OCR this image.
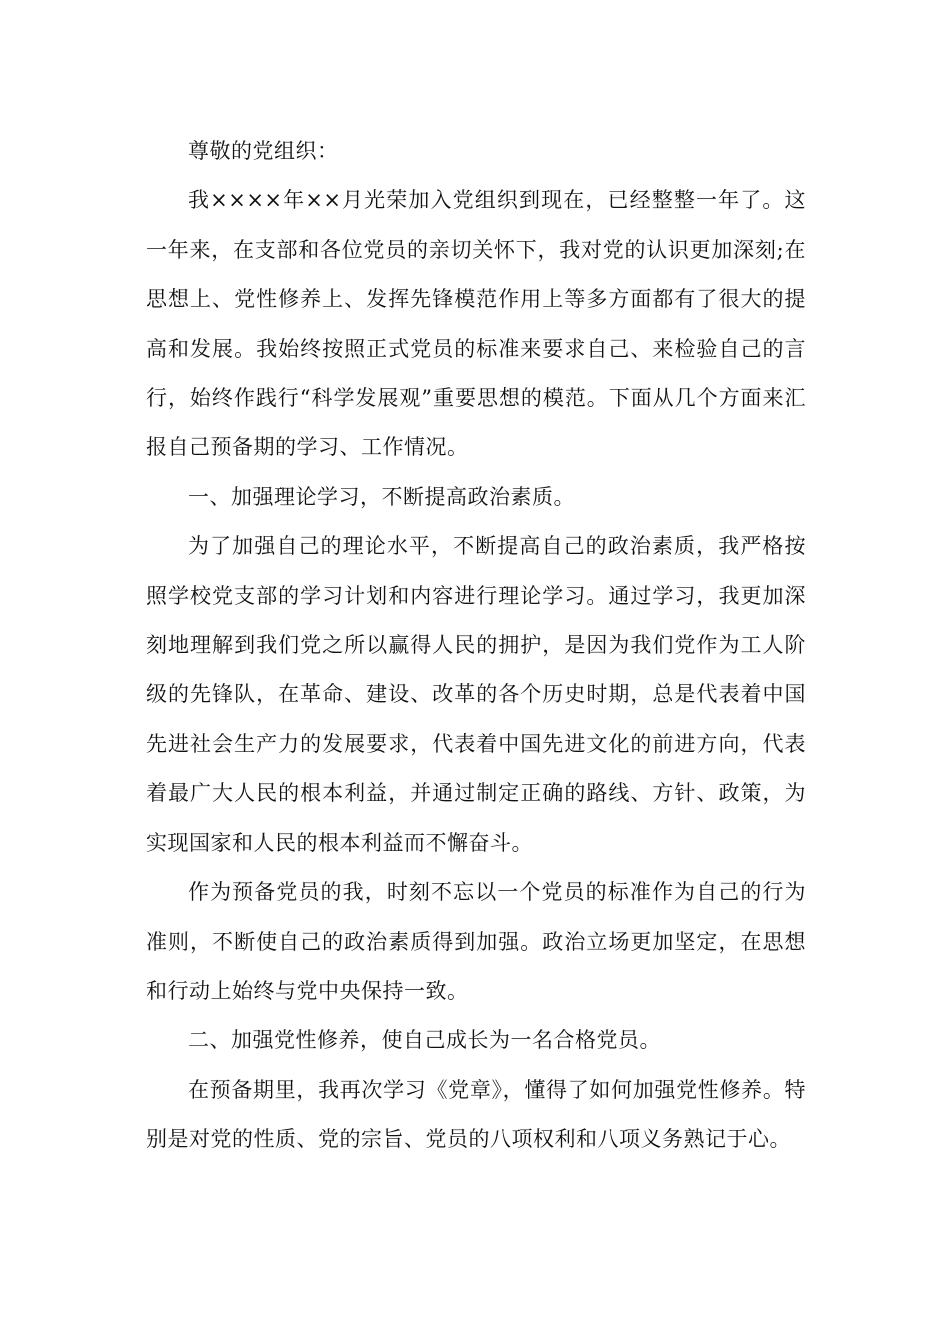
尊敬的党组织：

我××××年××月光荣加入党组织到现在，已经整整一年了。这一年来，在支部和各位党员的亲切关怀下，我对党的认识更加深刻;在思想上、党性修养上、发挥先锋模范作用上等多方面都有了很大的提高和发展。我始终按照正式党员的标准来要求自己、来检验自己的言行，始终作践行“科学发展观”重要思想的模范。下面从几个方面来汇报自己预备期的学习、工作情况。

一、加强理论学习，不断提高政治素质。

为了加强自己的理论水平，不断提高自己的政治素质，我严格按照学校党支部的学习计划和内容进行理论学习。通过学习，我更加深刻地理解到我们党之所以赢得人民的拥护，是因为我们党作为工人阶级的先锋队，在革命、建设、改革的各个历史时期，总是代表着中国先进社会生产力的发展要求，代表着中国先进文化的前进方向，代表着最广大人民的根本利益，并通过制定正确的路线、方针、政策，为实现国家和人民的根本利益而不懈奋斗。

作为预备党员的我，时刻不忘以一个党员的标准作为自己的行为准则，不断使自己的政治素质得到加强。政治立场更加坚定，在思想和行动上始终与党中央保持一致。

二、加强党性修养，使自己成长为一名合格党员。

在预备期里，我再次学习《党章》，懂得了如何加强党性修养。特别是对党的性质、党的宗旨、党员的八项权利和八项义务熟记于心。
